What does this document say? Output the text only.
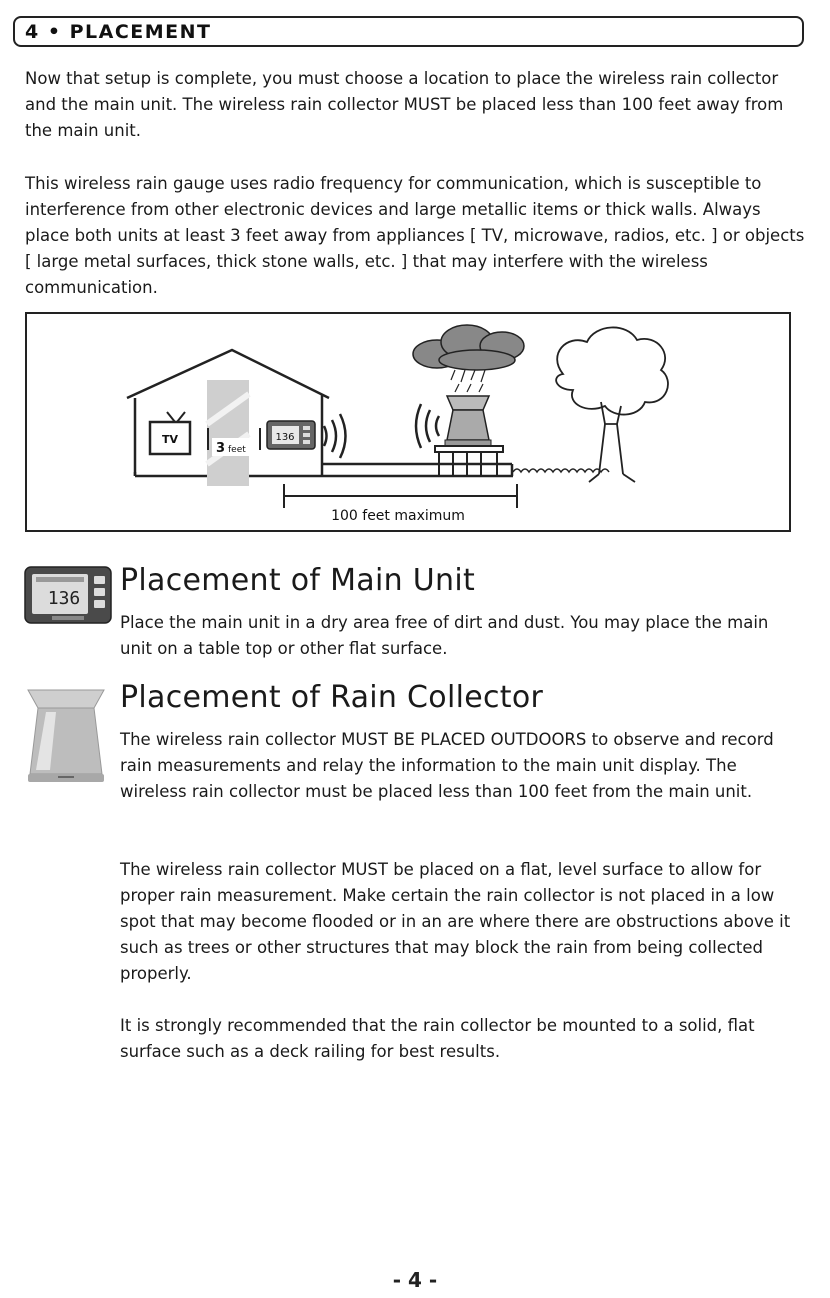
4 • PLACEMENT

Now that setup is complete, you must choose a location to place the wireless rain collector and the main unit. The wireless rain collector MUST be placed less than 100 feet away from the main unit.

This wireless rain gauge uses radio frequency for communication, which is susceptible to interference from other electronic devices and large metallic items or thick walls. Always place both units at least 3 feet away from appliances [ TV, microwave, radios, etc. ] or objects [ large metal surfaces, thick stone walls, etc. ] that may interfere with the wireless communication.

TV
3 feet
136
100 feet maximum
136
Placement of Main Unit

Place the main unit in a dry area free of dirt and dust. You may place the main unit on a table top or other flat surface.

Placement of Rain Collector

The wireless rain collector MUST BE PLACED OUTDOORS to observe and record rain measurements and relay the information to the main unit display. The wireless rain collector must be placed less than 100 feet from the main unit.

The wireless rain collector MUST be placed on a flat, level surface to allow for proper rain measurement. Make certain the rain collector is not placed in a low spot that may become flooded or in an are where there are obstructions above it such as trees or other structures that may block the rain from being collected properly.

It is strongly recommended that the rain collector be mounted to a solid, flat surface such as a deck railing for best results.

- 4 -
